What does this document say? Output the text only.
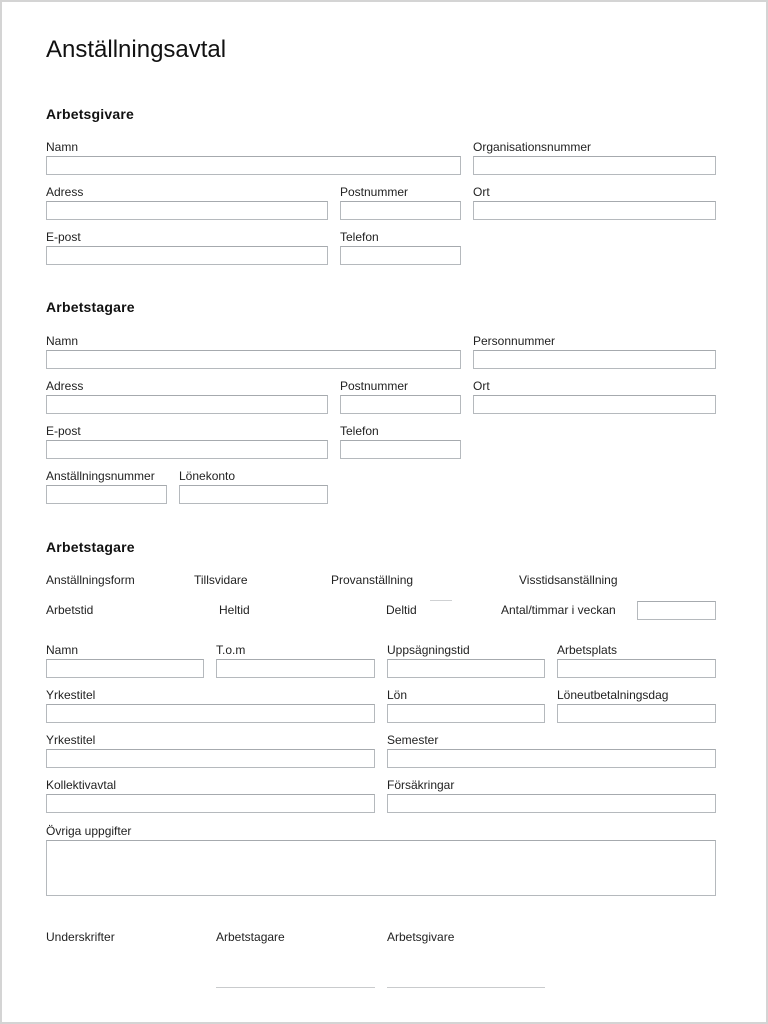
Anställningsavtal
Arbetsgivare
Namn	Organisationsnummer
Adress	Postnummer	Ort
E-post	Telefon
Arbetstagare
Namn	Personnummer
Adress	Postnummer	Ort
E-post	Telefon
Anställningsnummer Lönekonto
Arbetstagare
Anställningsform	Tillsvidare	Provanställning	Visstidsanställning
Arbetstid	Heltid	Deltid	Antal/timmar i veckan
Namn	T.o.m	Uppsägningstid	Arbetsplats
Yrkestitel	Lön	Löneutbetalningsdag
Yrkestitel	Semester
Kollektivavtal	Försäkringar
Övriga uppgifter
Underskrifter	Arbetstagare	Arbetsgivare
